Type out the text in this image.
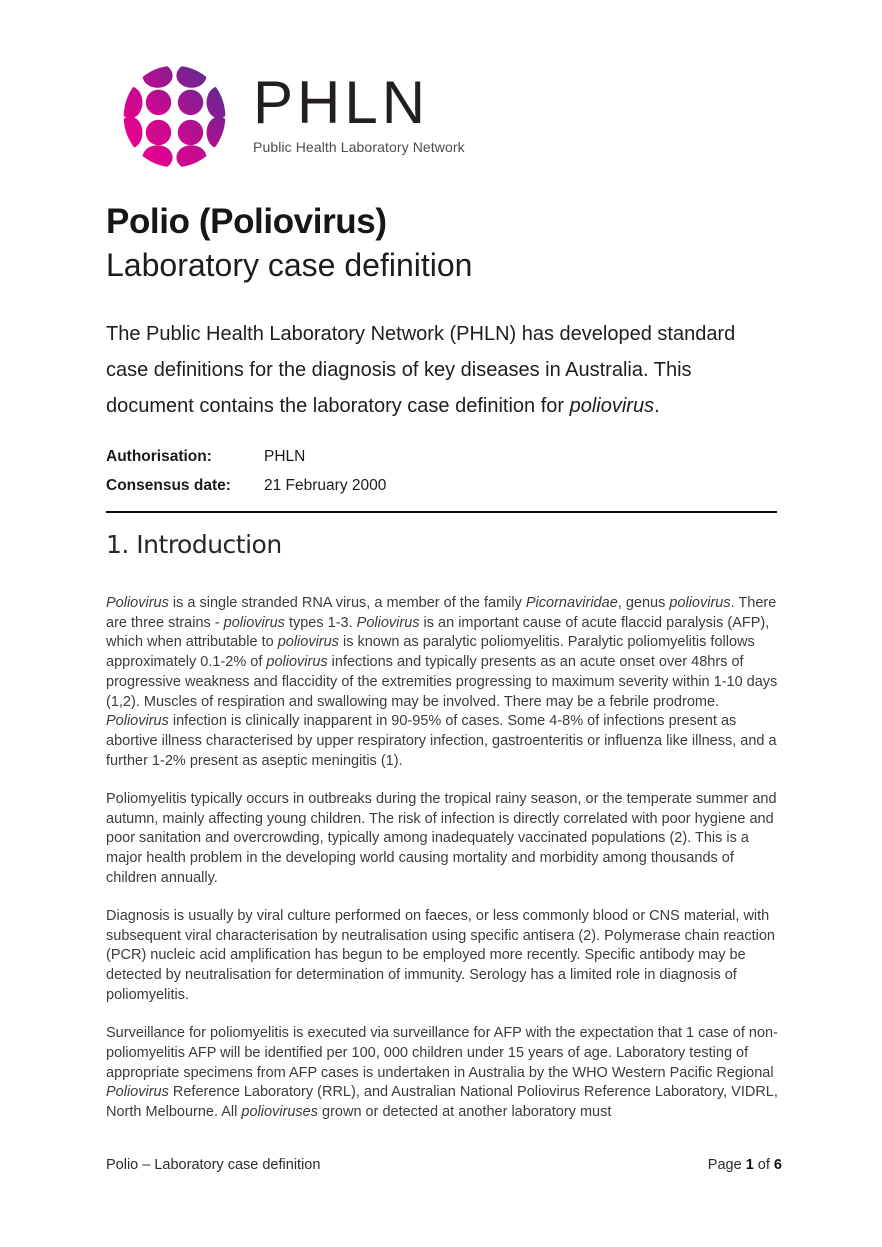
PHLN
Public Health Laboratory Network
Polio (Poliovirus)
Laboratory case definition

The Public Health Laboratory Network (PHLN) has developed standard case definitions for the diagnosis of key diseases in Australia. This document contains the laboratory case definition for poliovirus.

Authorisation:	PHLN
Consensus date: 21 February 2000
1. Introduction

Poliovirus is a single stranded RNA virus, a member of the family Picornaviridae, genus poliovirus. There are three strains - poliovirus types 1-3. Poliovirus is an important cause of acute flaccid paralysis (AFP), which when attributable to poliovirus is known as paralytic poliomyelitis. Paralytic poliomyelitis follows approximately 0.1-2% of poliovirus infections and typically presents as an acute onset over 48hrs of progressive weakness and flaccidity of the extremities progressing to maximum severity within 1-10 days (1,2). Muscles of respiration and swallowing may be involved. There may be a febrile prodrome. Poliovirus infection is clinically inapparent in 90-95% of cases. Some 4-8% of infections present as abortive illness characterised by upper respiratory infection, gastroenteritis or influenza like illness, and a further 1-2% present as aseptic meningitis (1).

Poliomyelitis typically occurs in outbreaks during the tropical rainy season, or the temperate summer and autumn, mainly affecting young children. The risk of infection is directly correlated with poor hygiene and poor sanitation and overcrowding, typically among inadequately vaccinated populations (2). This is a major health problem in the developing world causing mortality and morbidity among thousands of children annually.

Diagnosis is usually by viral culture performed on faeces, or less commonly blood or CNS material, with subsequent viral characterisation by neutralisation using specific antisera (2). Polymerase chain reaction (PCR) nucleic acid amplification has begun to be employed more recently. Specific antibody may be detected by neutralisation for determination of immunity. Serology has a limited role in diagnosis of poliomyelitis.

Surveillance for poliomyelitis is executed via surveillance for AFP with the expectation that 1 case of non-poliomyelitis AFP will be identified per 100, 000 children under 15 years of age. Laboratory testing of appropriate specimens from AFP cases is undertaken in Australia by the WHO Western Pacific Regional Poliovirus Reference Laboratory (RRL), and Australian National Poliovirus Reference Laboratory, VIDRL, North Melbourne. All polioviruses grown or detected at another laboratory must

Polio – Laboratory case definition	Page 1 of 6
